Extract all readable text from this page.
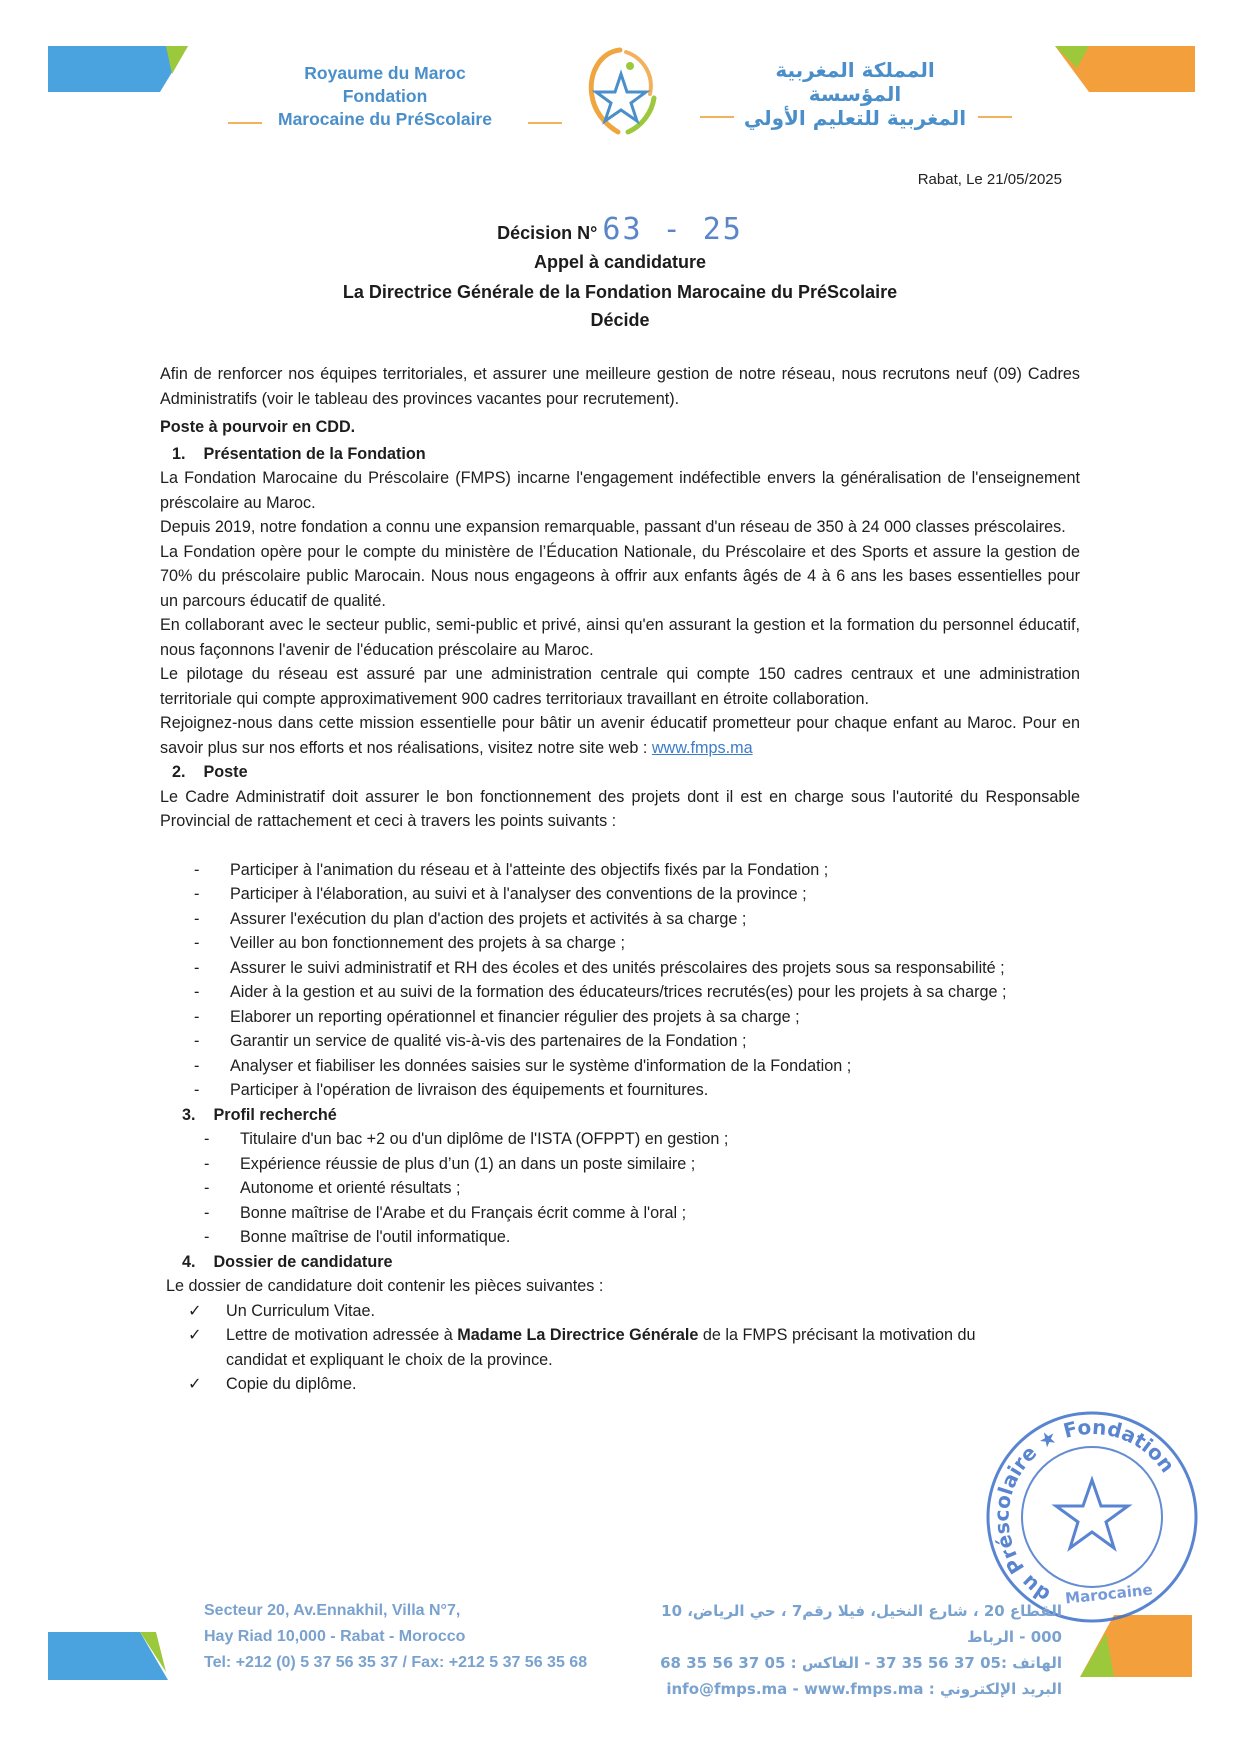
Royaume du Maroc
Fondation
Marocaine du PréScolaire
المملكة المغربية
المؤسسة
المغربية للتعليم الأولي
Rabat, Le 21/05/2025
Décision N° 63 - 25
Appel à candidature
La Directrice Générale de la Fondation Marocaine du PréScolaire
Décide

Afin de renforcer nos équipes territoriales, et assurer une meilleure gestion de notre réseau, nous recrutons neuf (09) Cadres Administratifs (voir le tableau des provinces vacantes pour recrutement).

Poste à pourvoir en CDD.

1.    Présentation de la Fondation

La Fondation Marocaine du Préscolaire (FMPS) incarne l'engagement indéfectible envers la généralisation de l'enseignement préscolaire au Maroc.

Depuis 2019, notre fondation a connu une expansion remarquable, passant d'un réseau de 350 à 24 000 classes préscolaires.

La Fondation opère pour le compte du ministère de l’Éducation Nationale, du Préscolaire et des Sports et assure la gestion de 70% du préscolaire public Marocain. Nous nous engageons à offrir aux enfants âgés de 4 à 6 ans les bases essentielles pour un parcours éducatif de qualité.

En collaborant avec le secteur public, semi-public et privé, ainsi qu'en assurant la gestion et la formation du personnel éducatif, nous façonnons l'avenir de l'éducation préscolaire au Maroc.

Le pilotage du réseau est assuré par une administration centrale qui compte 150 cadres centraux et une administration territoriale qui compte approximativement 900 cadres territoriaux travaillant en étroite collaboration.

Rejoignez-nous dans cette mission essentielle pour bâtir un avenir éducatif prometteur pour chaque enfant au Maroc. Pour en savoir plus sur nos efforts et nos réalisations, visitez notre site web : www.fmps.ma

2.    Poste

Le Cadre Administratif doit assurer le bon fonctionnement des projets dont il est en charge sous l'autorité du Responsable Provincial de rattachement et ceci à travers les points suivants :

- Participer à l'animation du réseau et à l'atteinte des objectifs fixés par la Fondation ;
- Participer à l'élaboration, au suivi et à l'analyser des conventions de la province ;
- Assurer l'exécution du plan d'action des projets et activités à sa charge ;
- Veiller au bon fonctionnement des projets à sa charge ;
- Assurer le suivi administratif et RH des écoles et des unités préscolaires des projets sous sa responsabilité ;
- Aider à la gestion et au suivi de la formation des éducateurs/trices recrutés(es) pour les projets à sa charge ;
- Elaborer un reporting opérationnel et financier régulier des projets à sa charge ;
- Garantir un service de qualité vis-à-vis des partenaires de la Fondation ;
- Analyser et fiabiliser les données saisies sur le système d'information de la Fondation ;
- Participer à l'opération de livraison des équipements et fournitures.

3.    Profil recherché

- Titulaire d'un bac +2 ou d'un diplôme de l'ISTA (OFPPT) en gestion ;
- Expérience réussie de plus d’un (1) an dans un poste similaire ;
- Autonome et orienté résultats ;
- Bonne maîtrise de l'Arabe et du Français écrit comme à l'oral ;
- Bonne maîtrise de l'outil informatique.

4.    Dossier de candidature

Le dossier de candidature doit contenir les pièces suivantes :

✓ Un Curriculum Vitae.
✓ Lettre de motivation adressée à Madame La Directrice Générale de la FMPS précisant la motivation du candidat et expliquant le choix de la province.
✓ Copie du diplôme.
du Préscolaire ★ Fondation
Marocaine
Secteur 20, Av.Ennakhil, Villa N°7,
Hay Riad 10,000 - Rabat - Morocco
Tel: +212 (0) 5 37 56 35 37 / Fax: +212 5 37 56 35 68
القطاع 20 ، شارع النخيل، فيلا رقم7 ، حي الرياض، 10 000 - الرباط
الهاتف :05 37 56 35 37 - الفاكس : 05 37 56 35 68
البريد الإلكتروني : info@fmps.ma - www.fmps.ma
